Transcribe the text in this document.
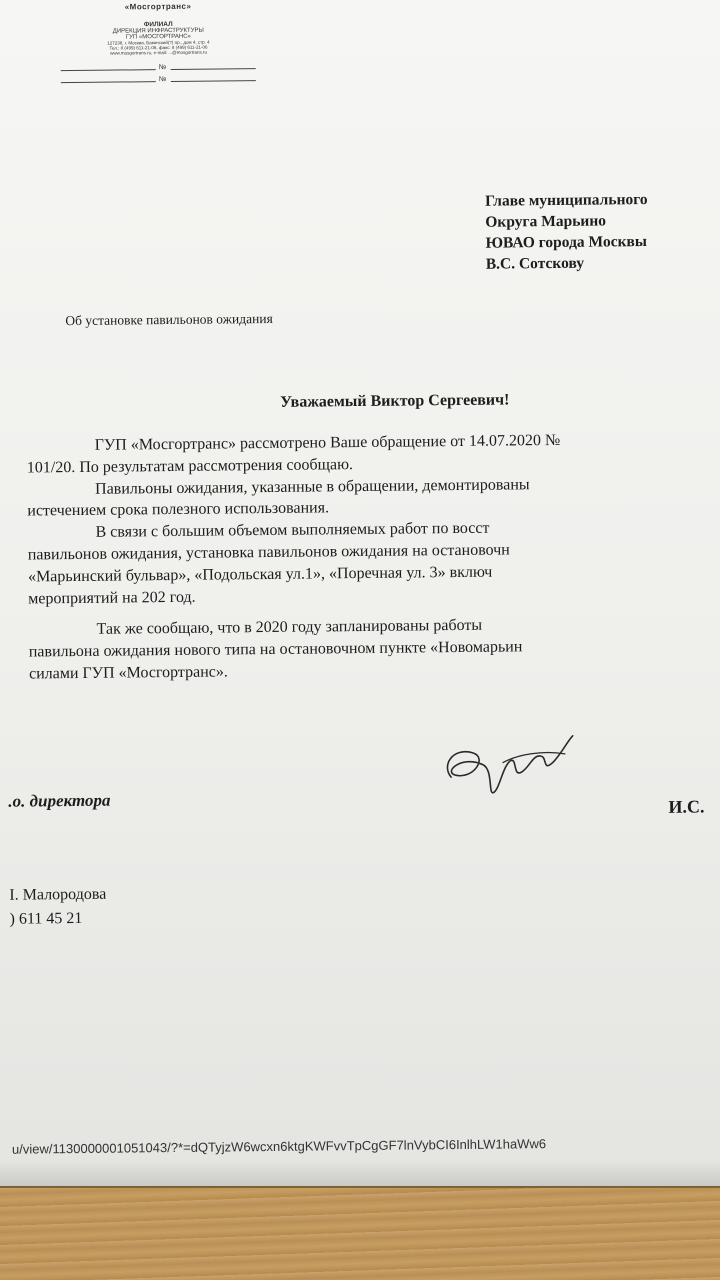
«Мосгортранс»
ФИЛИАЛ
ДИРЕКЦИЯ ИНФРАСТРУКТУРЫ
ГУП «МОСГОРТРАНС»
127238, г. Москва, Бакинский(?) пр., дом 4, стр. 4
Тел.: 8 (499) 611-21-06, факс: 8 (499) 611-21-06
www.mosgortrans.ru, e-mail: ...@mosgortrans.ru
№
№
Главе муниципального
Округа Марьино
ЮВАО города Москвы
В.С. Сотскову
Об установке павильонов ожидания
Уважаемый Виктор Сергеевич!
ГУП «Мосгортранс» рассмотрено Ваше обращение от 14.07.2020 №
101/20. По результатам рассмотрения сообщаю.
Павильоны ожидания, указанные в обращении, демонтированы
истечением срока полезного использования.
В связи с большим объемом выполняемых работ по восст
павильонов ожидания, установка павильонов ожидания на остановочн
«Марьинский бульвар», «Подольская ул.1», «Поречная ул. 3» включ
мероприятий на 202 год.
Так же сообщаю, что в 2020 году запланированы работы
павильона ожидания нового типа на остановочном пункте «Новомарьин
силами ГУП «Мосгортранс».
.о. директора	И.С.
I. Малородова
) 611 45 21
u/view/1130000001051043/?*=dQTyjzW6wcxn6ktgKWFvvTpCgGF7lnVybCI6InlhLW1haWw6
